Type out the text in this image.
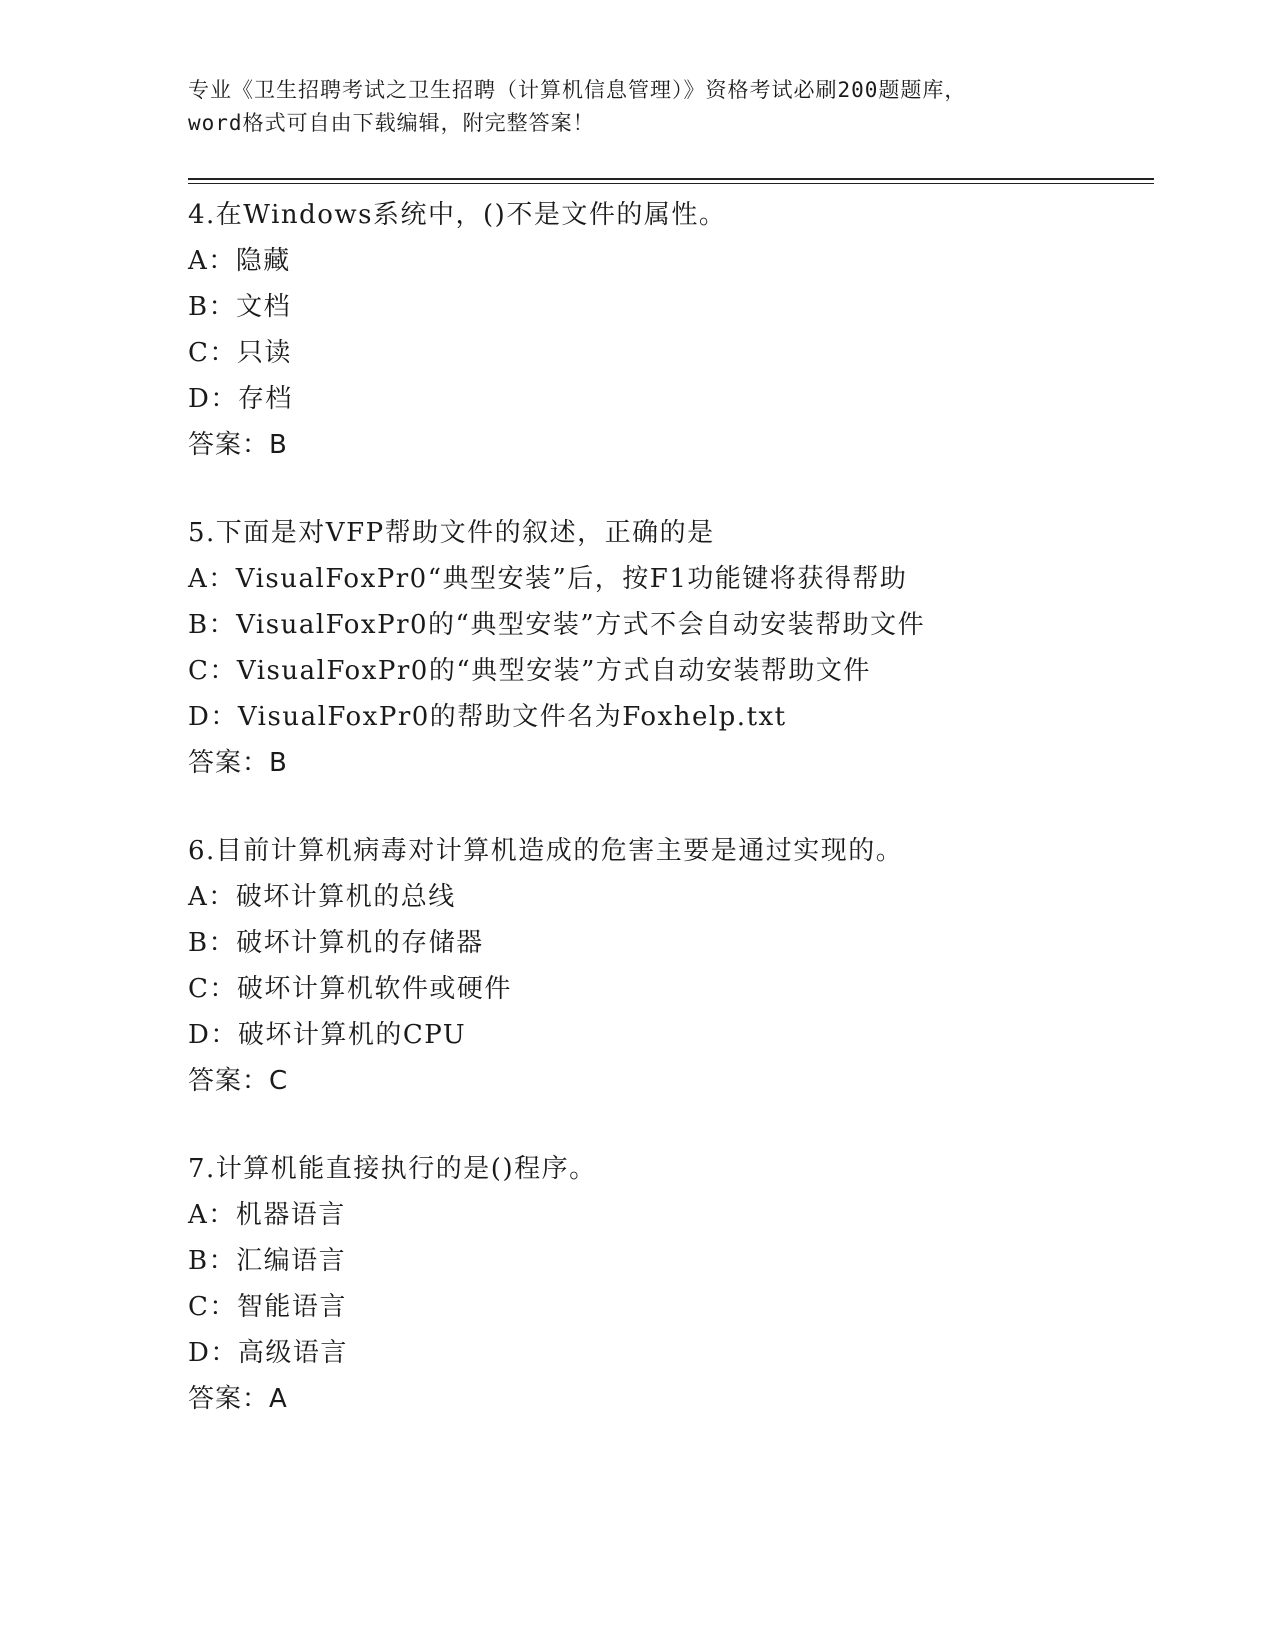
专业《卫生招聘考试之卫生招聘（计算机信息管理）》资格考试必刷200题题库，
word格式可自由下载编辑，附完整答案！
4.在Windows系统中，()不是文件的属性。
A：隐藏
B：文档
C：只读
D：存档
答案：B
5.下面是对VFP帮助文件的叙述，正确的是
A：VisualFoxPr0“典型安装”后，按F1功能键将获得帮助
B：VisualFoxPr0的“典型安装”方式不会自动安装帮助文件
C：VisualFoxPr0的“典型安装”方式自动安装帮助文件
D：VisualFoxPr0的帮助文件名为Foxhelp.txt
答案：B
6.目前计算机病毒对计算机造成的危害主要是通过实现的。
A：破坏计算机的总线
B：破坏计算机的存储器
C：破坏计算机软件或硬件
D：破坏计算机的CPU
答案：C
7.计算机能直接执行的是()程序。
A：机器语言
B：汇编语言
C：智能语言
D：高级语言
答案：A
